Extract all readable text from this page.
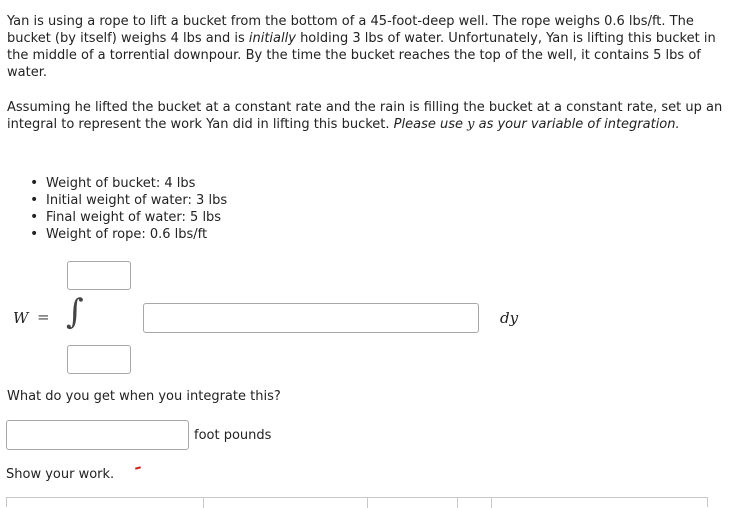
Yan is using a rope to lift a bucket from the bottom of a 45-foot-deep well. The rope weighs 0.6 lbs/ft. The bucket (by itself) weighs 4 lbs and is initially holding 3 lbs of water. Unfortunately, Yan is lifting this bucket in the middle of a torrential downpour. By the time the bucket reaches the top of the well, it contains 5 lbs of water.

Assuming he lifted the bucket at a constant rate and the rain is filling the bucket at a constant rate, set up an integral to represent the work Yan did in lifting this bucket. Please use y as your variable of integration.

• Weight of bucket: 4 lbs
• Initial weight of water: 3 lbs
• Final weight of water: 5 lbs
• Weight of rope: 0.6 lbs/ft
W = ∫	dy
What do you get when you integrate this?
foot pounds
Show your work.
